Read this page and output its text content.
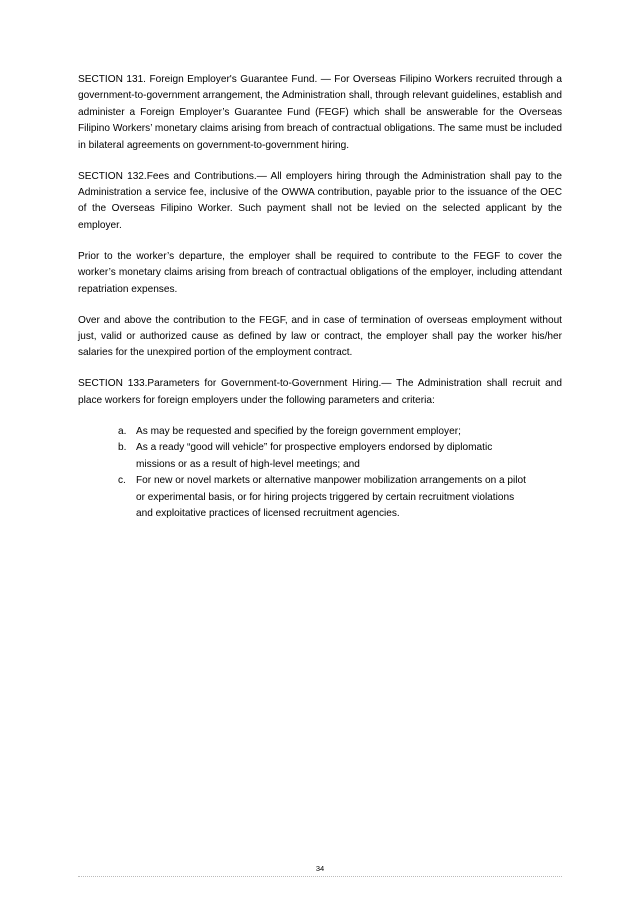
SECTION 131. Foreign Employer's Guarantee Fund. — For Overseas Filipino Workers recruited through a government-to-government arrangement, the Administration shall, through relevant guidelines, establish and administer a Foreign Employer’s Guarantee Fund (FEGF) which shall be answerable for the Overseas Filipino Workers’ monetary claims arising from breach of contractual obligations. The same must be included in bilateral agreements on government-to-government hiring.

SECTION 132.Fees and Contributions.— All employers hiring through the Administration shall pay to the Administration a service fee, inclusive of the OWWA contribution, payable prior to the issuance of the OEC of the Overseas Filipino Worker. Such payment shall not be levied on the selected applicant by the employer.

Prior to the worker’s departure, the employer shall be required to contribute to the FEGF to cover the worker’s monetary claims arising from breach of contractual obligations of the employer, including attendant repatriation expenses.

Over and above the contribution to the FEGF, and in case of termination of overseas employment without just, valid or authorized cause as defined by law or contract, the employer shall pay the worker his/her salaries for the unexpired portion of the employment contract.

SECTION 133.Parameters for Government-to-Government Hiring.— The Administration shall recruit and place workers for foreign employers under the following parameters and criteria:

a. As may be requested and specified by the foreign government employer;
b. As a ready “good will vehicle” for prospective employers endorsed by diplomatic missions or as a result of high-level meetings; and
c. For new or novel markets or alternative manpower mobilization arrangements on a pilot or experimental basis, or for hiring projects triggered by certain recruitment violations and exploitative practices of licensed recruitment agencies.
34
